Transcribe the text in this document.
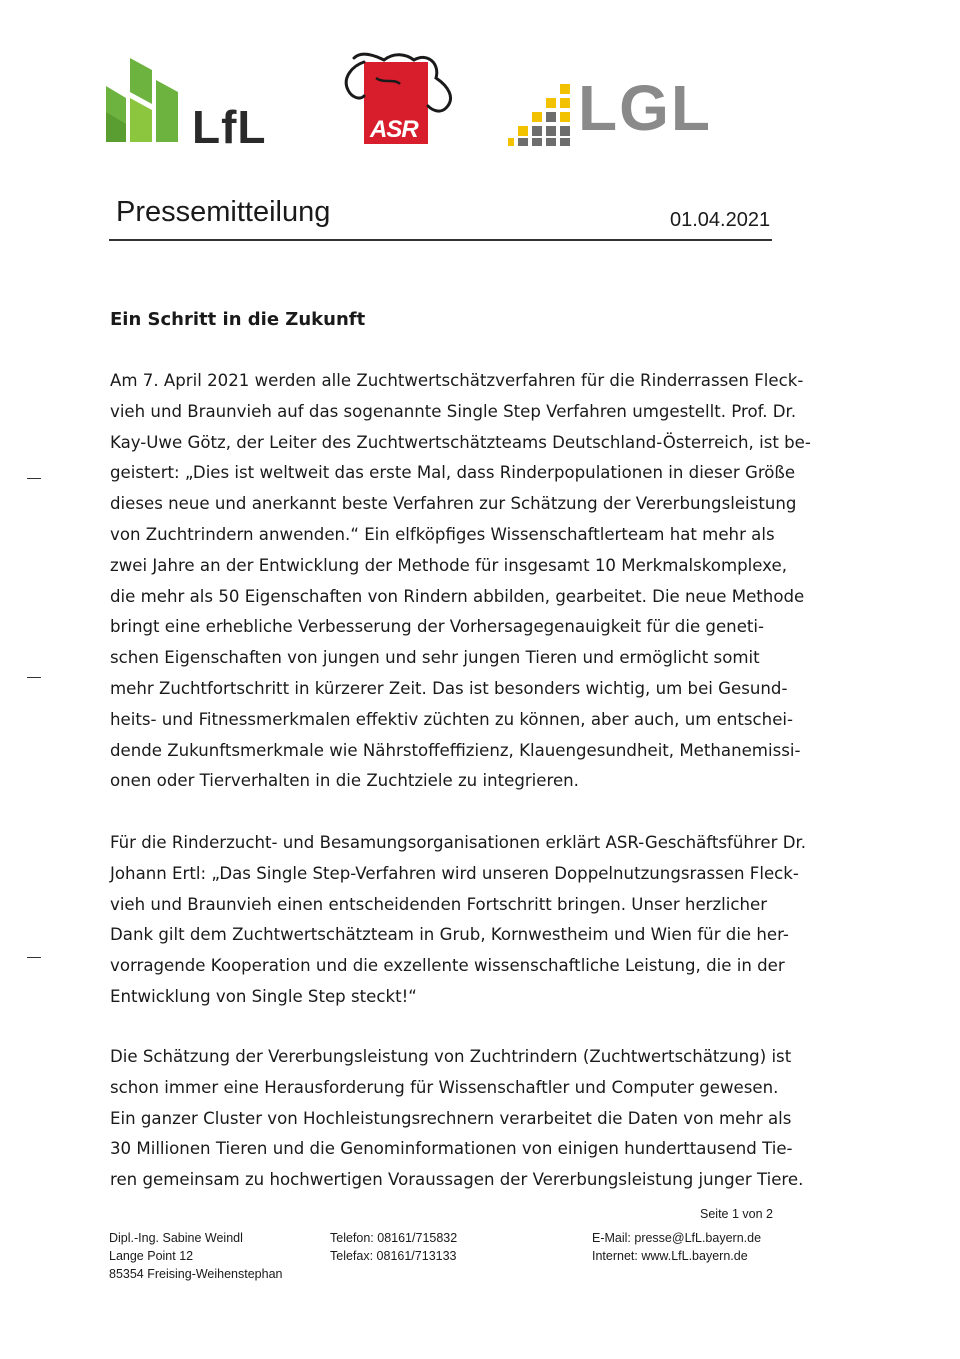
LfL	ASR	LGL
Pressemitteilung	01.04.2021
Ein Schritt in die Zukunft
Am 7. April 2021 werden alle Zuchtwertschätzverfahren für die Rinderrassen Fleck-
vieh und Braunvieh auf das sogenannte Single Step Verfahren umgestellt. Prof. Dr.
Kay-Uwe Götz, der Leiter des Zuchtwertschätzteams Deutschland-Österreich, ist be-
geistert: „Dies ist weltweit das erste Mal, dass Rinderpopulationen in dieser Größe
dieses neue und anerkannt beste Verfahren zur Schätzung der Vererbungsleistung
von Zuchtrindern anwenden.“ Ein elfköpfiges Wissenschaftlerteam hat mehr als
zwei Jahre an der Entwicklung der Methode für insgesamt 10 Merkmalskomplexe,
die mehr als 50 Eigenschaften von Rindern abbilden, gearbeitet. Die neue Methode
bringt eine erhebliche Verbesserung der Vorhersagegenauigkeit für die geneti-
schen Eigenschaften von jungen und sehr jungen Tieren und ermöglicht somit
mehr Zuchtfortschritt in kürzerer Zeit. Das ist besonders wichtig, um bei Gesund-
heits- und Fitnessmerkmalen effektiv züchten zu können, aber auch, um entschei-
dende Zukunftsmerkmale wie Nährstoffeffizienz, Klauengesundheit, Methanemissi-
onen oder Tierverhalten in die Zuchtziele zu integrieren.
Für die Rinderzucht- und Besamungsorganisationen erklärt ASR-Geschäftsführer Dr.
Johann Ertl: „Das Single Step-Verfahren wird unseren Doppelnutzungsrassen Fleck-
vieh und Braunvieh einen entscheidenden Fortschritt bringen. Unser herzlicher
Dank gilt dem Zuchtwertschätzteam in Grub, Kornwestheim und Wien für die her-
vorragende Kooperation und die exzellente wissenschaftliche Leistung, die in der
Entwicklung von Single Step steckt!“
Die Schätzung der Vererbungsleistung von Zuchtrindern (Zuchtwertschätzung) ist
schon immer eine Herausforderung für Wissenschaftler und Computer gewesen.
Ein ganzer Cluster von Hochleistungsrechnern verarbeitet die Daten von mehr als
30 Millionen Tieren und die Genominformationen von einigen hunderttausend Tie-
ren gemeinsam zu hochwertigen Voraussagen der Vererbungsleistung junger Tiere.
Seite 1 von 2
Dipl.-Ing. Sabine Weindl
Lange Point 12
85354 Freising-Weihenstephan
Telefon: 08161/715832
Telefax: 08161/713133
E-Mail: presse@LfL.bayern.de
Internet: www.LfL.bayern.de
